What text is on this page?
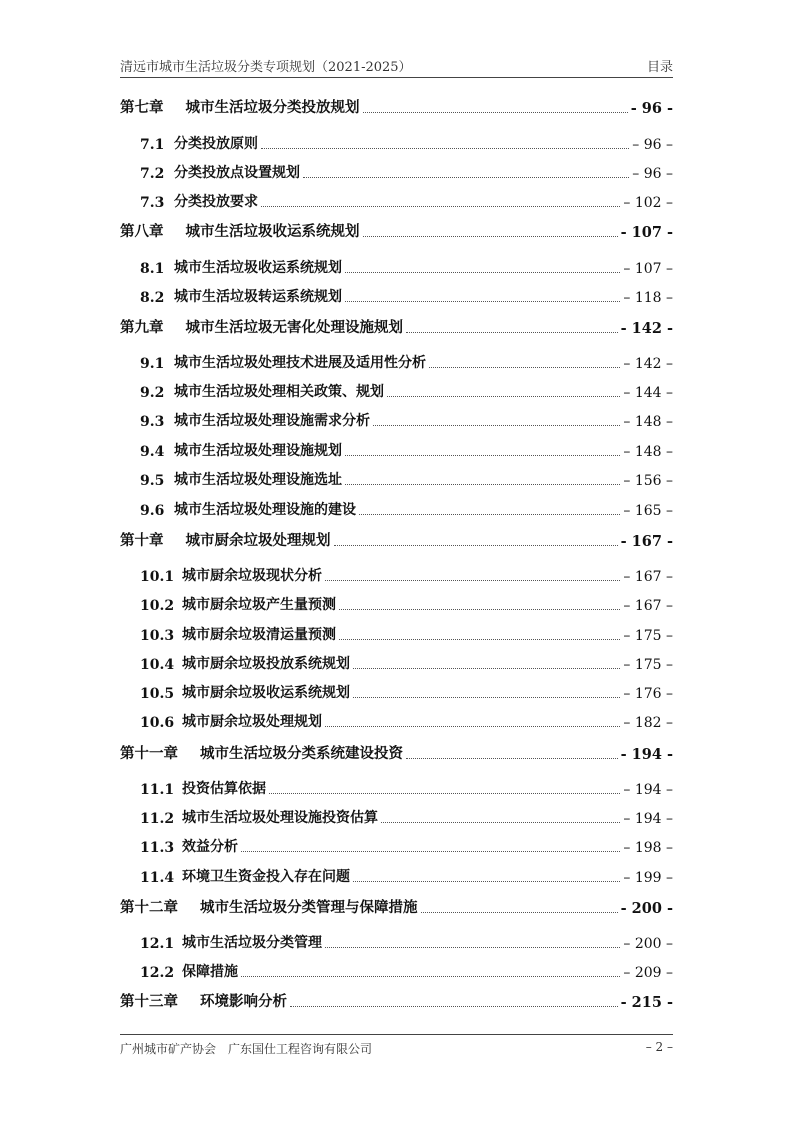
清远市城市生活垃圾分类专项规划（2021-2025）	目录
第七章 城市生活垃圾分类投放规划	- 96 -
7.1 分类投放原则	– 96 –
7.2 分类投放点设置规划	– 96 –
7.3 分类投放要求	– 102 –
第八章 城市生活垃圾收运系统规划	- 107 -
8.1 城市生活垃圾收运系统规划	– 107 –
8.2 城市生活垃圾转运系统规划	– 118 –
第九章 城市生活垃圾无害化处理设施规划	- 142 -
9.1 城市生活垃圾处理技术进展及适用性分析	– 142 –
9.2 城市生活垃圾处理相关政策、规划	– 144 –
9.3 城市生活垃圾处理设施需求分析	– 148 –
9.4 城市生活垃圾处理设施规划	– 148 –
9.5 城市生活垃圾处理设施选址	– 156 –
9.6 城市生活垃圾处理设施的建设	– 165 –
第十章 城市厨余垃圾处理规划	- 167 -
10.1 城市厨余垃圾现状分析	– 167 –
10.2 城市厨余垃圾产生量预测	– 167 –
10.3 城市厨余垃圾清运量预测	– 175 –
10.4 城市厨余垃圾投放系统规划	– 175 –
10.5 城市厨余垃圾收运系统规划	– 176 –
10.6 城市厨余垃圾处理规划	– 182 –
第十一章 城市生活垃圾分类系统建设投资	- 194 -
11.1 投资估算依据	– 194 –
11.2 城市生活垃圾处理设施投资估算	– 194 –
11.3 效益分析	– 198 –
11.4 环境卫生资金投入存在问题	– 199 –
第十二章 城市生活垃圾分类管理与保障措施	- 200 -
12.1 城市生活垃圾分类管理	– 200 –
12.2 保障措施	– 209 –
第十三章 环境影响分析	- 215 -
广州城市矿产协会　广东国仕工程咨询有限公司	– 2 –
